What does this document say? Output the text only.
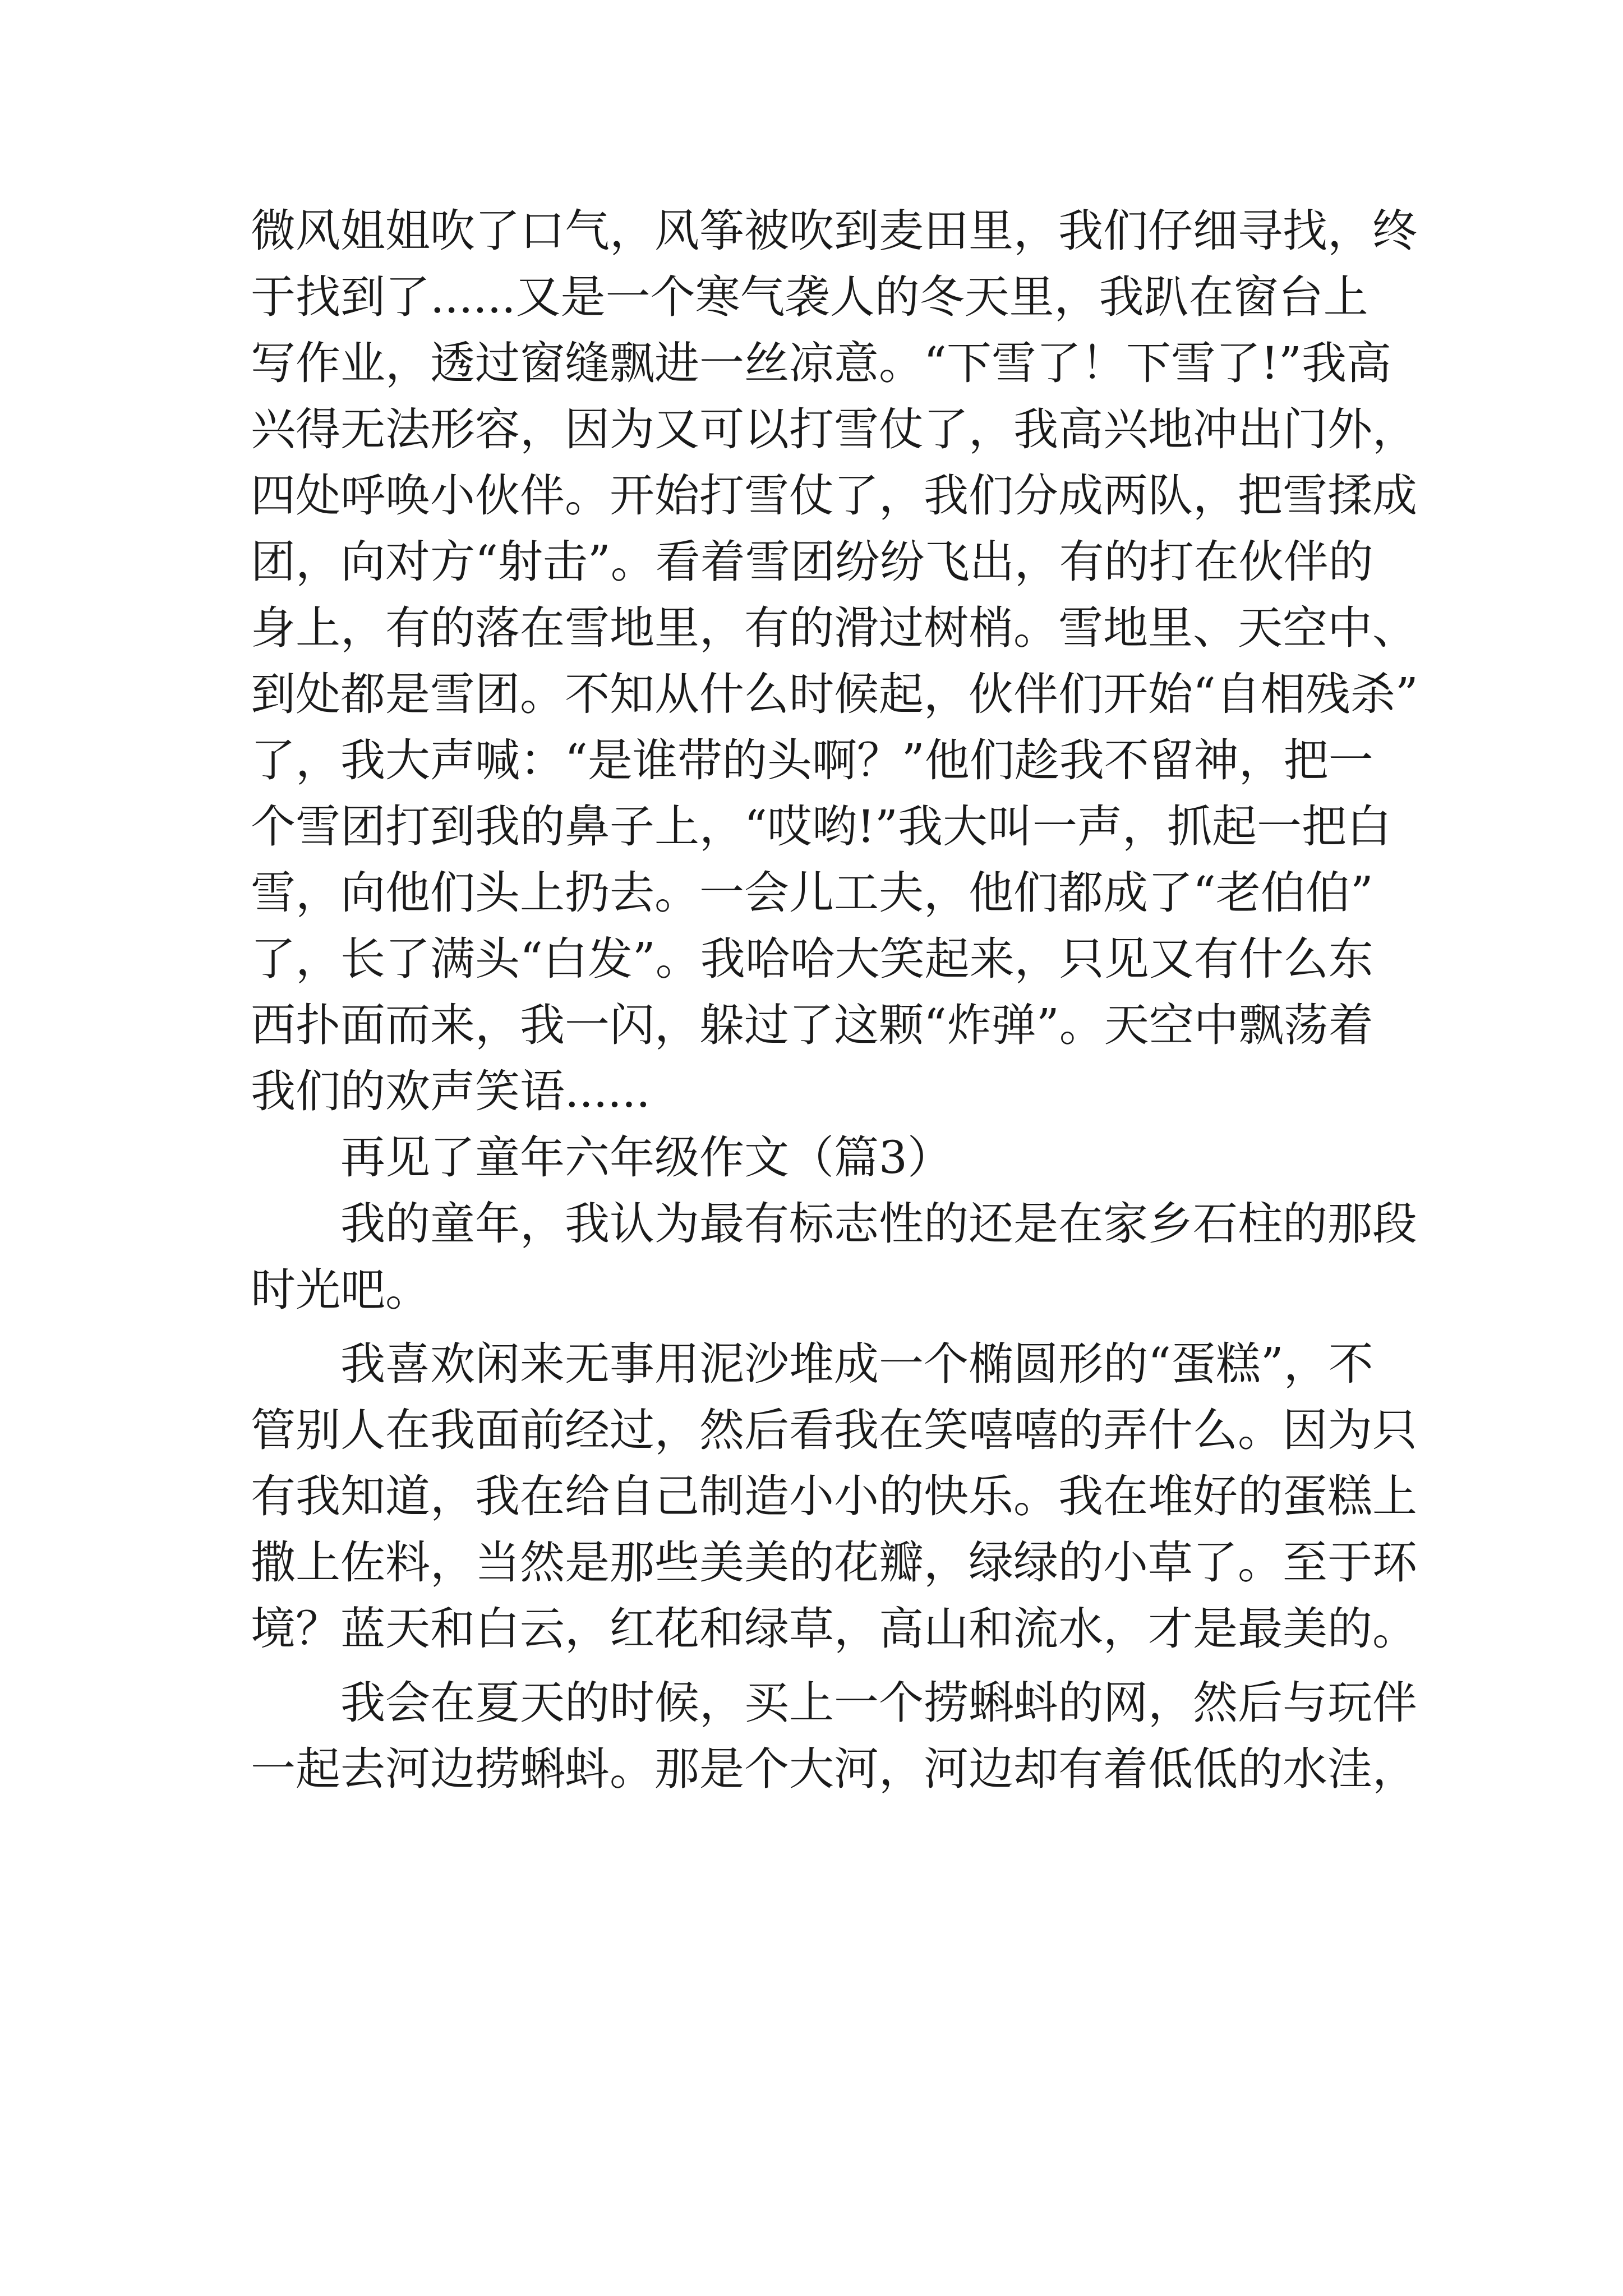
微风姐姐吹了口气，风筝被吹到麦田里，我们仔细寻找，终
于找到了......又是一个寒气袭人的冬天里，我趴在窗台上
写作业，透过窗缝飘进一丝凉意。“下雪了！下雪了!”我高
兴得无法形容，因为又可以打雪仗了，我高兴地冲出门外，
四处呼唤小伙伴。开始打雪仗了，我们分成两队，把雪揉成
团，向对方“射击”。看着雪团纷纷飞出，有的打在伙伴的
身上，有的落在雪地里，有的滑过树梢。雪地里、天空中、
到处都是雪团。不知从什么时候起，伙伴们开始“自相残杀”
了，我大声喊：“是谁带的头啊？”他们趁我不留神，把一
个雪团打到我的鼻子上，“哎哟!”我大叫一声，抓起一把白
雪，向他们头上扔去。一会儿工夫，他们都成了“老伯伯”
了，长了满头“白发”。我哈哈大笑起来，只见又有什么东
西扑面而来，我一闪，躲过了这颗“炸弹”。天空中飘荡着
我们的欢声笑语......
再见了童年六年级作文（篇3）
我的童年，我认为最有标志性的还是在家乡石柱的那段
时光吧。
我喜欢闲来无事用泥沙堆成一个椭圆形的“蛋糕”，不
管别人在我面前经过，然后看我在笑嘻嘻的弄什么。因为只
有我知道，我在给自己制造小小的快乐。我在堆好的蛋糕上
撒上佐料，当然是那些美美的花瓣，绿绿的小草了。至于环
境？蓝天和白云，红花和绿草，高山和流水，才是最美的。
我会在夏天的时候，买上一个捞蝌蚪的网，然后与玩伴
一起去河边捞蝌蚪。那是个大河，河边却有着低低的水洼，
